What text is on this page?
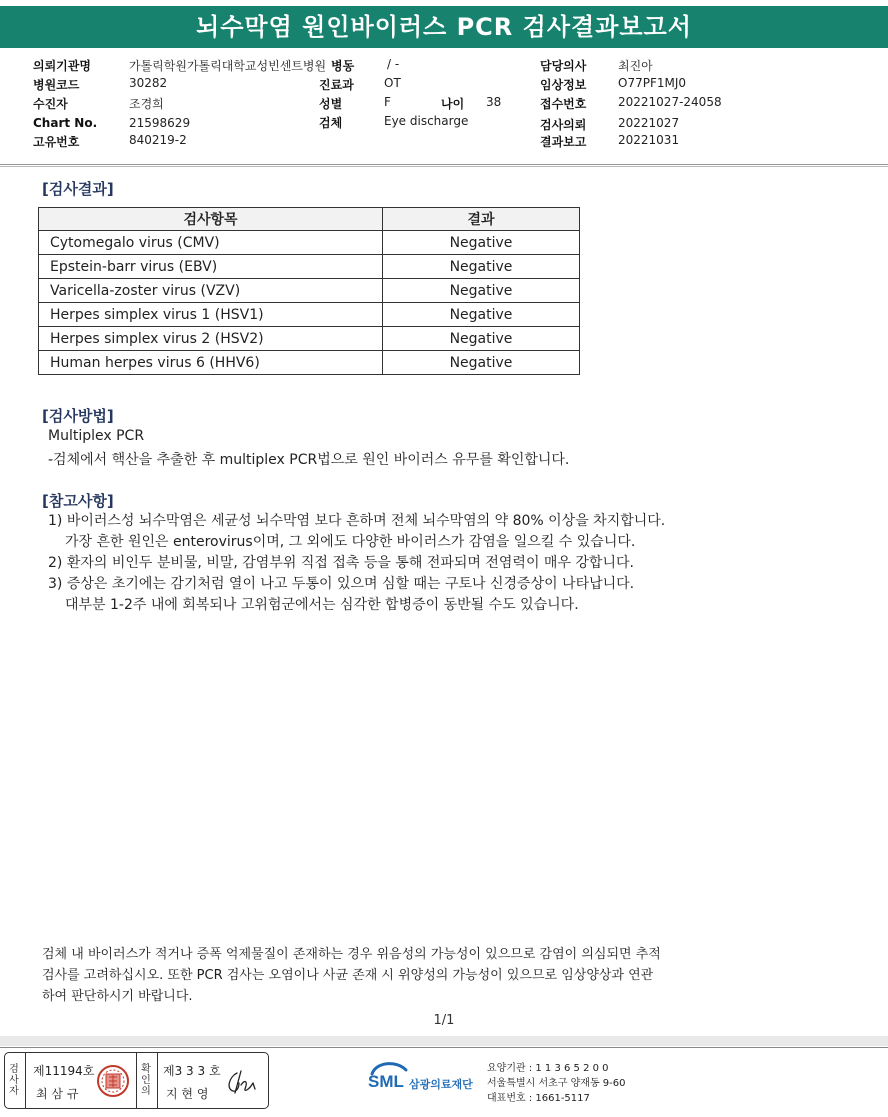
뇌수막염 원인바이러스 PCR 검사결과보고서
의뢰기관명	가톨릭학원가톨릭대학교성빈센트병원 병동	/ -	담당의사	최진아
병원코드	30282	진료과	OT	임상정보	O77PF1MJ0
수진자	조경희	성별	F	나이 38	접수번호	20221027-24058
Chart No.	21598629	검체	Eye discharge	검사의뢰	20221027
고유번호	840219-2	결과보고	20221031
[검사결과]
검사항목	결과
Cytomegalo virus (CMV)	Negative
Epstein-barr virus (EBV)	Negative
Varicella-zoster virus (VZV)	Negative
Herpes simplex virus 1 (HSV1)	Negative
Herpes simplex virus 2 (HSV2)	Negative
Human herpes virus 6 (HHV6)	Negative
[검사방법]
Multiplex PCR
-검체에서 핵산을 추출한 후 multiplex PCR법으로 원인 바이러스 유무를 확인합니다.
[참고사항]
1) 바이러스성 뇌수막염은 세균성 뇌수막염 보다 흔하며 전체 뇌수막염의 약 80% 이상을 차지합니다.
가장 흔한 원인은 enterovirus이며, 그 외에도 다양한 바이러스가 감염을 일으킬 수 있습니다.
2) 환자의 비인두 분비물, 비말, 감염부위 직접 접촉 등을 통해 전파되며 전염력이 매우 강합니다.
3) 증상은 초기에는 감기처럼 열이 나고 두통이 있으며 심할 때는 구토나 신경증상이 나타납니다.
대부분 1-2주 내에 회복되나 고위험군에서는 심각한 합병증이 동반될 수도 있습니다.
검체 내 바이러스가 적거나 증폭 억제물질이 존재하는 경우 위음성의 가능성이 있으므로 감염이 의심되면 추적검사를 고려하십시오. 또한 PCR 검사는 오염이나 사균 존재 시 위양성의 가능성이 있으므로 임상양상과 연관하여 판단하시기 바랍니다.
1/1
검사자
제11194호
최 삼 규
확인의
제3 3 3 호
지 현 영
SML 삼광의료재단
요양기관 : 1 1 3 6 5 2 0 0
서울특별시 서초구 양재동 9-60
대표번호 : 1661-5117
